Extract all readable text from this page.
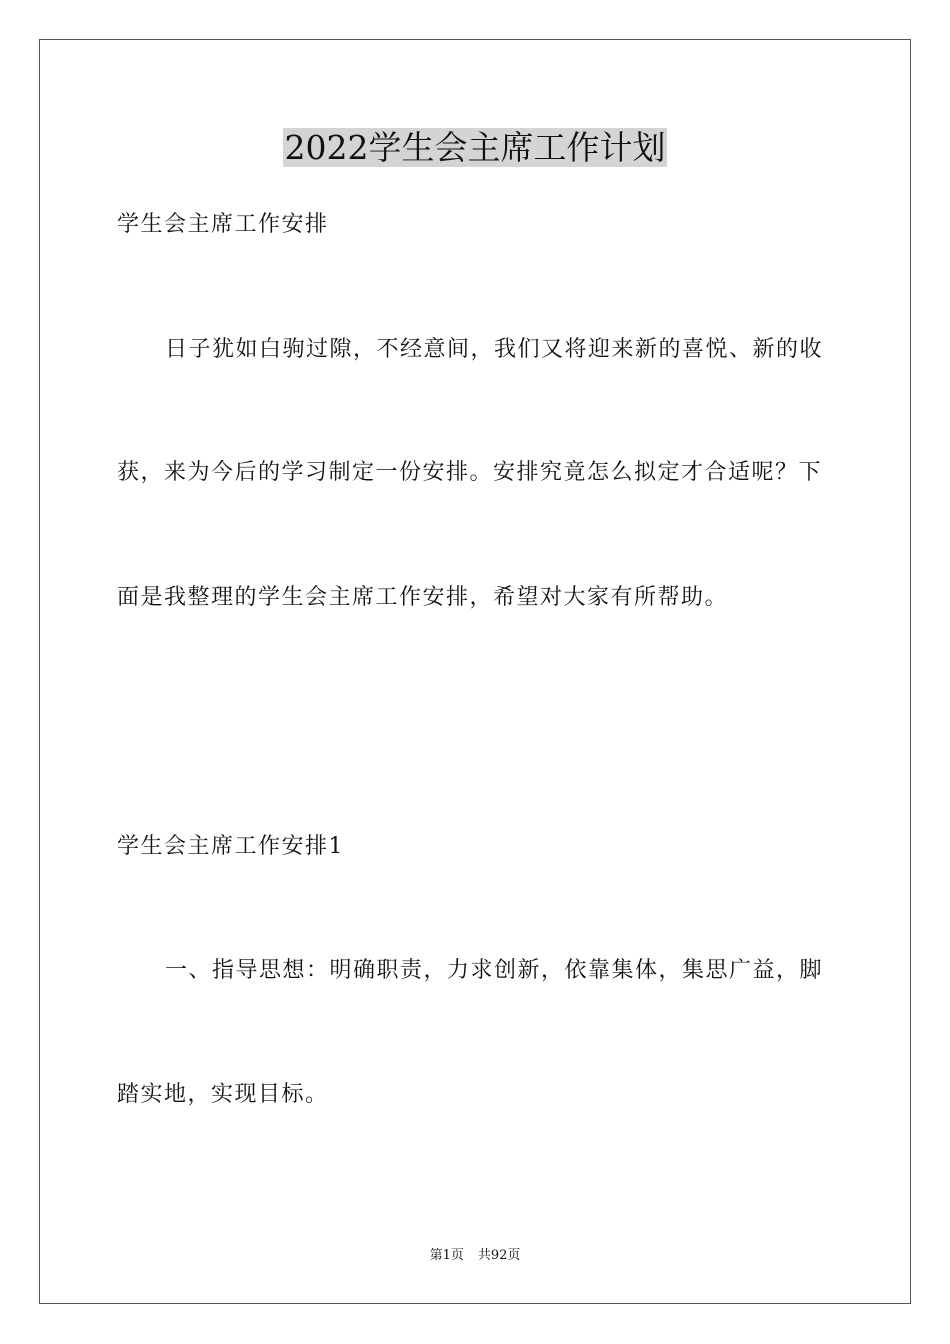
2022学生会主席工作计划

学生会主席工作安排

日子犹如白驹过隙，不经意间，我们又将迎来新的喜悦、新的收

获，来为今后的学习制定一份安排。安排究竟怎么拟定才合适呢？下

面是我整理的学生会主席工作安排，希望对大家有所帮助。

学生会主席工作安排1

一、指导思想：明确职责，力求创新，依靠集体，集思广益，脚

踏实地，实现目标。

第1页 共92页
